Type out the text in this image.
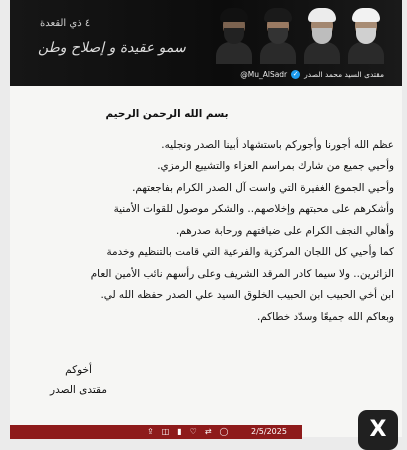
٤ ذي القعدة
سمو عقيدة و إصلاح وطن
@Mu_AlSadr ✓ مقتدى السيد محمد الصدر

بسم الله الرحمن الرحيم

عظم الله أجورنا وأجوركم باستشهاد أبينا الصدر ونجليه.

وأحيي جميع من شارك بمراسم العزاء والتشييع الرمزي.

وأحيي الجموع الغفيرة التي واست آل الصدر الكرام بفاجعتهم.

وأشكرهم على محبتهم وإخلاصهم.. والشكر موصول للقوات الأمنية

وأهالي النجف الكرام على ضيافتهم ورحابة صدرهم.

كما وأحيي كل اللجان المركزية والفرعية التي قامت بالتنظيم وخدمة

الزائرين.. ولا سيما كادر المرقد الشريف وعلى رأسهم نائب الأمين العام

ابن أخي الحبيب ابن الحبيب الخلوق السيد علي الصدر حفظه الله لي.

وبعاكم الله جميعًا وسدّد خطاكم.

أخوكم
مقتدى الصدر
⇪ ◫ ▮ ♡ ⇄ ◯	2/5/2025	X
